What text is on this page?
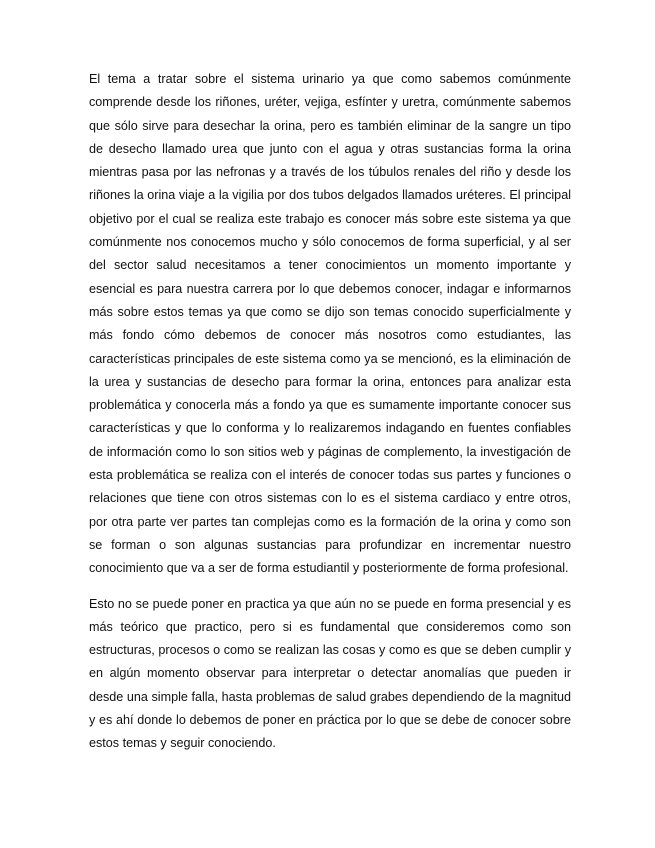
El tema a tratar sobre el sistema urinario ya que como sabemos comúnmente comprende desde los riñones, uréter, vejiga, esfínter y uretra, comúnmente sabemos que sólo sirve para desechar la orina, pero es también eliminar de la sangre un tipo de desecho llamado urea que junto con el agua y otras sustancias forma la orina mientras pasa por las nefronas y a través de los túbulos renales del riño y desde los riñones la orina viaje a la vigilia por dos tubos delgados llamados uréteres. El principal objetivo por el cual se realiza este trabajo es conocer más sobre este sistema ya que comúnmente nos conocemos mucho y sólo conocemos de forma superficial, y al ser del sector salud necesitamos a tener conocimientos un momento importante y esencial es para nuestra carrera por lo que debemos conocer, indagar e informarnos más sobre estos temas ya que como se dijo son temas conocido superficialmente y más fondo cómo debemos de conocer más nosotros como estudiantes, las características principales de este sistema como ya se mencionó, es la eliminación de la urea y sustancias de desecho para formar la orina, entonces para analizar esta problemática y conocerla más a fondo ya que es sumamente importante conocer sus características y que lo conforma y lo realizaremos indagando en fuentes confiables de información como lo son sitios web y páginas de complemento, la investigación de esta problemática se realiza con el interés de conocer todas sus partes y funciones o relaciones que tiene con otros sistemas con lo es el sistema cardiaco y entre otros, por otra parte ver partes tan complejas como es la formación de la orina y como son se forman o son algunas sustancias para profundizar en incrementar nuestro conocimiento que va a ser de forma estudiantil y posteriormente de forma profesional.

Esto no se puede poner en practica ya que aún no se puede en forma presencial y es más teórico que practico, pero si es fundamental que consideremos como son estructuras, procesos o como se realizan las cosas y como es que se deben cumplir y en algún momento observar para interpretar o detectar anomalías que pueden ir desde una simple falla, hasta problemas de salud grabes dependiendo de la magnitud y es ahí donde lo debemos de poner en práctica por lo que se debe de conocer sobre estos temas y seguir conociendo.
